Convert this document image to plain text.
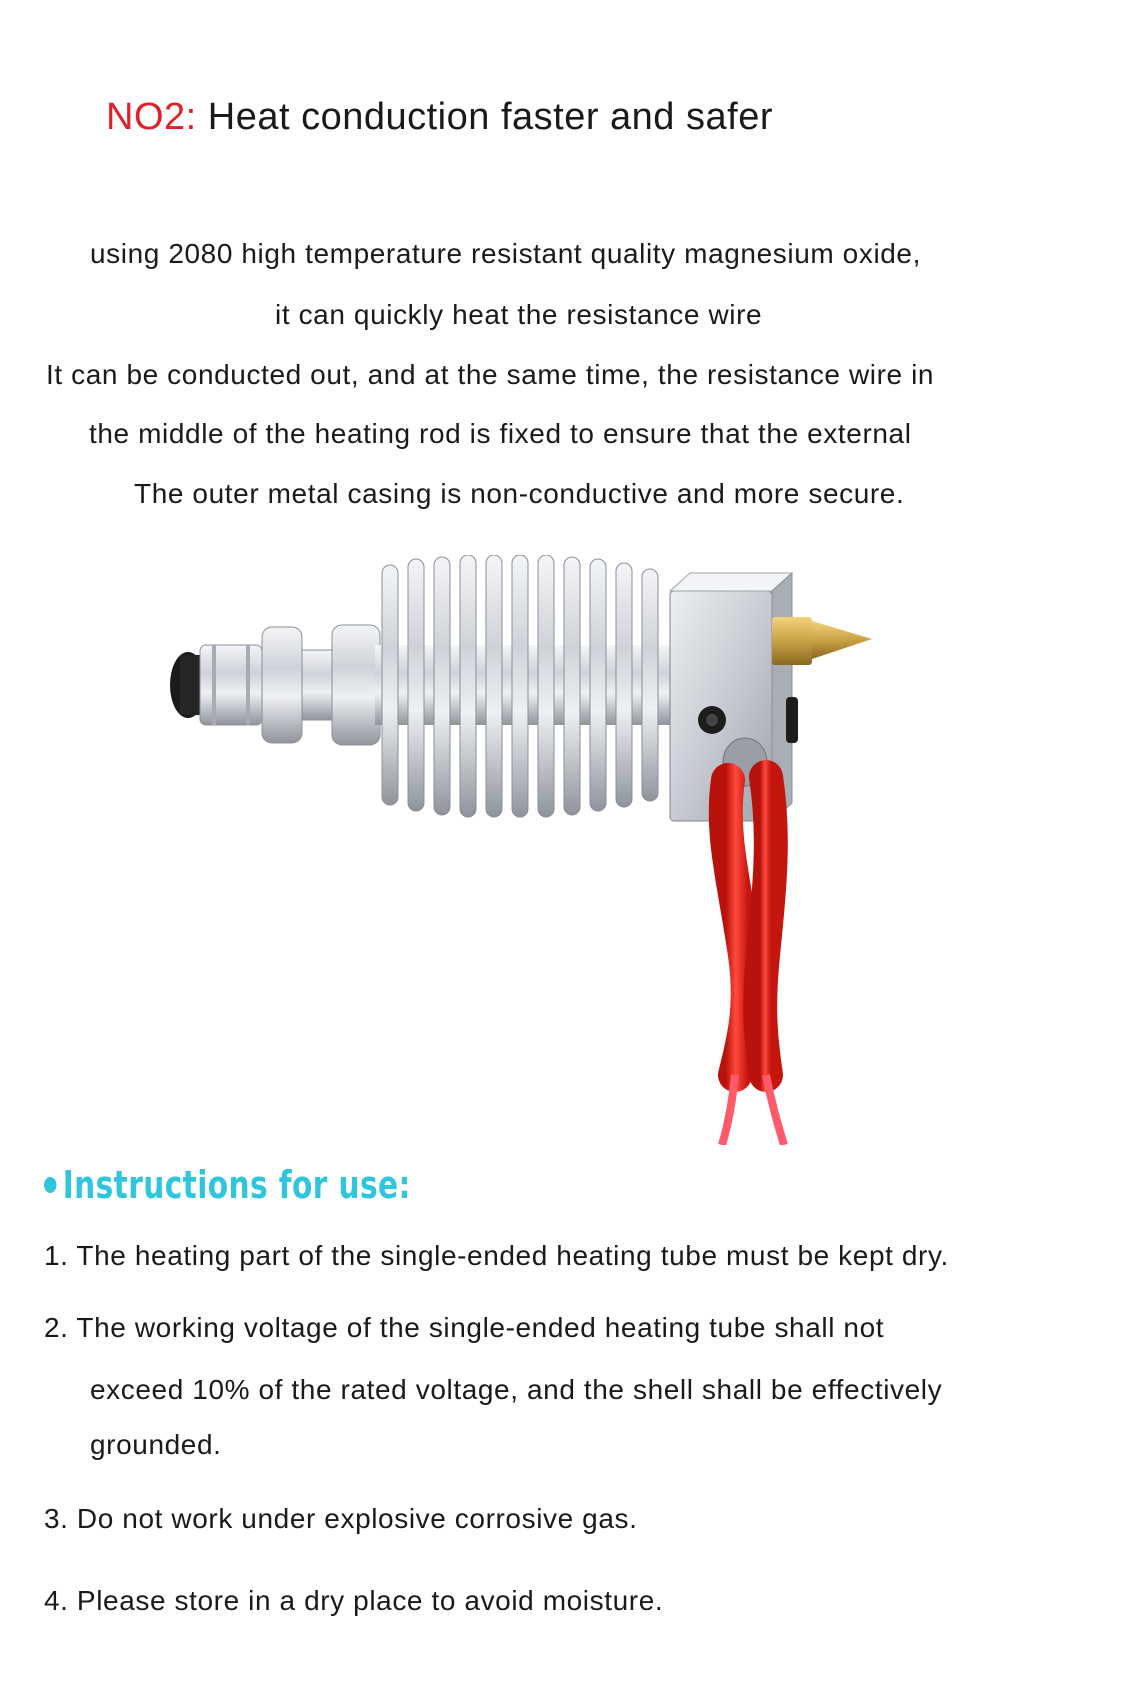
NO2: Heat conduction faster and safer
using 2080 high temperature resistant quality magnesium oxide,
it can quickly heat the resistance wire
It can be conducted out, and at the same time, the resistance wire in
the middle of the heating rod is fixed to ensure that the external
The outer metal casing is non-conductive and more secure.
Instructions for use:
1. The heating part of the single-ended heating tube must be kept dry.
2. The working voltage of the single-ended heating tube shall not
exceed 10% of the rated voltage, and the shell shall be effectively
grounded.
3. Do not work under explosive corrosive gas.
4. Please store in a dry place to avoid moisture.
